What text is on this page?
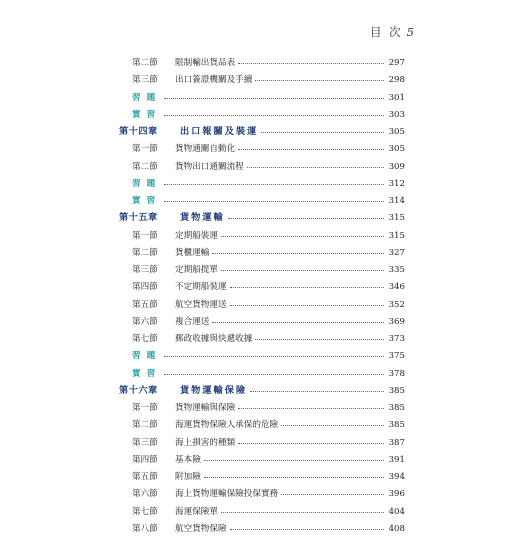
目 次 5
第二節 限制輸出貨品表	297
第三節 出口簽證機關及手續	298
習題	301
實習	303
第十四章 出口報關及裝運	305
第一節 貨物通關自動化	305
第二節 貨物出口通關流程	309
習題	312
實習	314
第十五章 貨物運輸	315
第一節 定期船裝運	315
第二節 貨櫃運輸	327
第三節 定期船提單	335
第四節 不定期船裝運	346
第五節 航空貨物運送	352
第六節 複合運送	369
第七節 郵政收據與快遞收據	373
習題	375
實習	378
第十六章 貨物運輸保險	385
第一節 貨物運輸與保險	385
第二節 海運貨物保險人承保的危險	385
第三節 海上損害的種類	387
第四節 基本險	391
第五節 附加險	394
第六節 海上貨物運輸保險投保實務	396
第七節 海運保險單	404
第八節 航空貨物保險	408
